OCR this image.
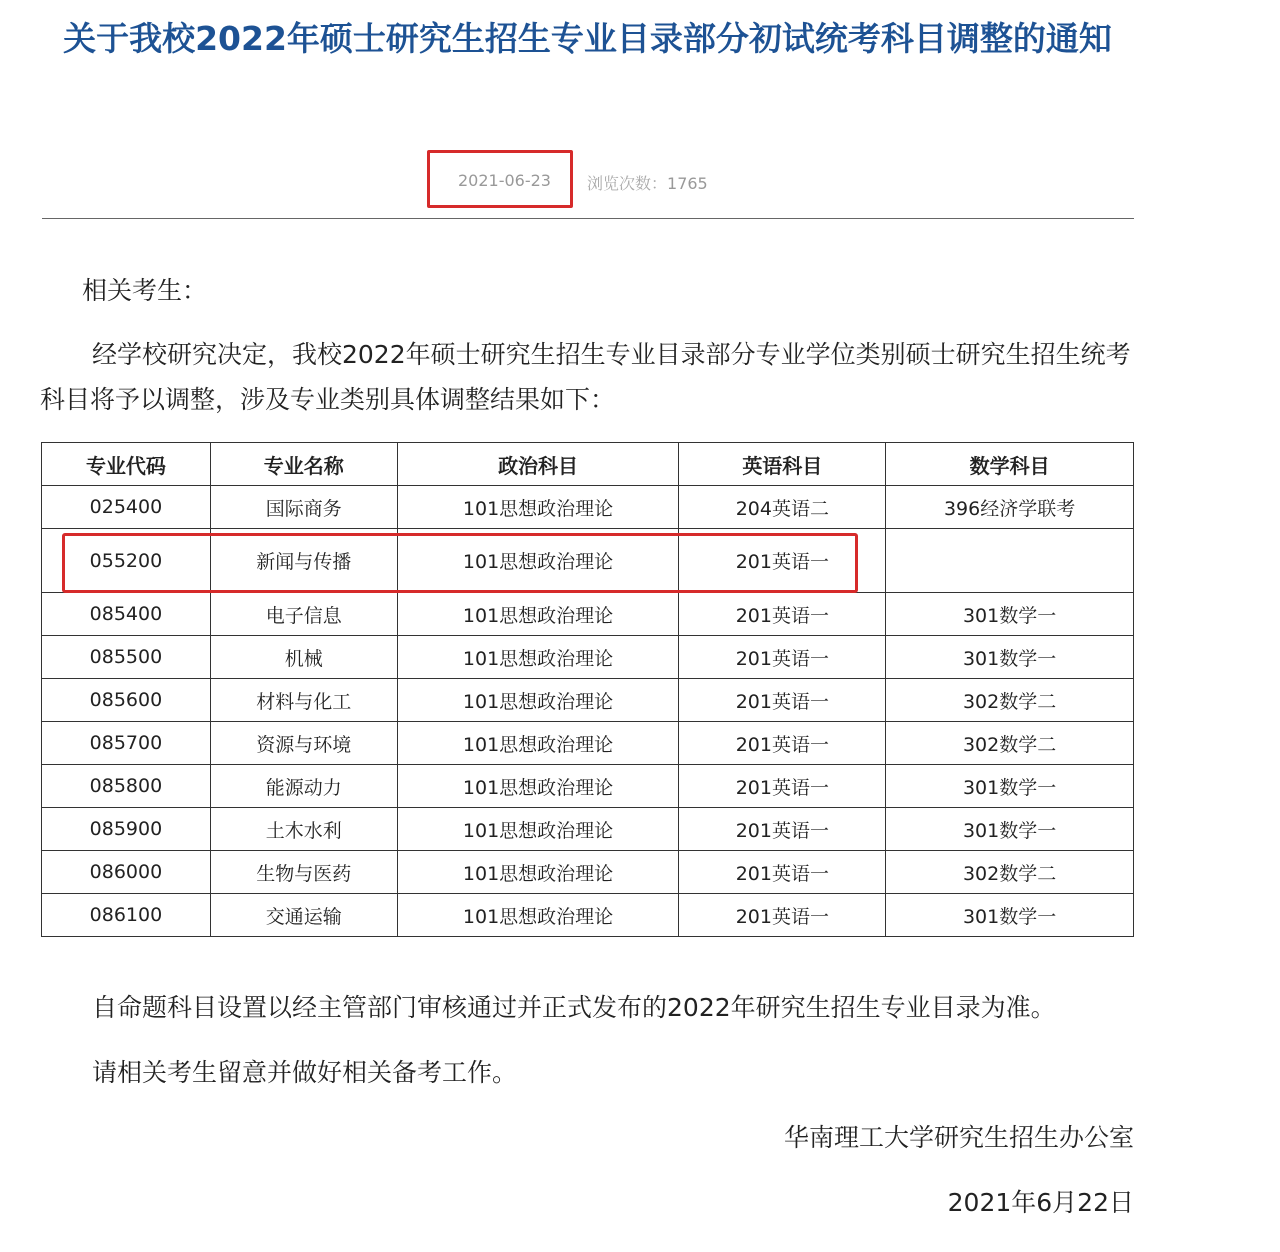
关于我校2022年硕士研究生招生专业目录部分初试统考科目调整的通知
2021-06-23 浏览次数：1765

相关考生：

经学校研究决定，我校2022年硕士研究生招生专业目录部分专业学位类别硕士研究生招生统考科目将予以调整，涉及专业类别具体调整结果如下：

专业代码	专业名称	政治科目	英语科目	数学科目
025400	国际商务	101思想政治理论	204英语二	396经济学联考
055200	新闻与传播	101思想政治理论	201英语一	
085400	电子信息	101思想政治理论	201英语一	301数学一
085500	机械	101思想政治理论	201英语一	301数学一
085600	材料与化工	101思想政治理论	201英语一	302数学二
085700	资源与环境	101思想政治理论	201英语一	302数学二
085800	能源动力	101思想政治理论	201英语一	301数学一
085900	土木水利	101思想政治理论	201英语一	301数学一
086000	生物与医药	101思想政治理论	201英语一	302数学二
086100	交通运输	101思想政治理论	201英语一	301数学一

自命题科目设置以经主管部门审核通过并正式发布的2022年研究生招生专业目录为准。

请相关考生留意并做好相关备考工作。

华南理工大学研究生招生办公室

2021年6月22日
